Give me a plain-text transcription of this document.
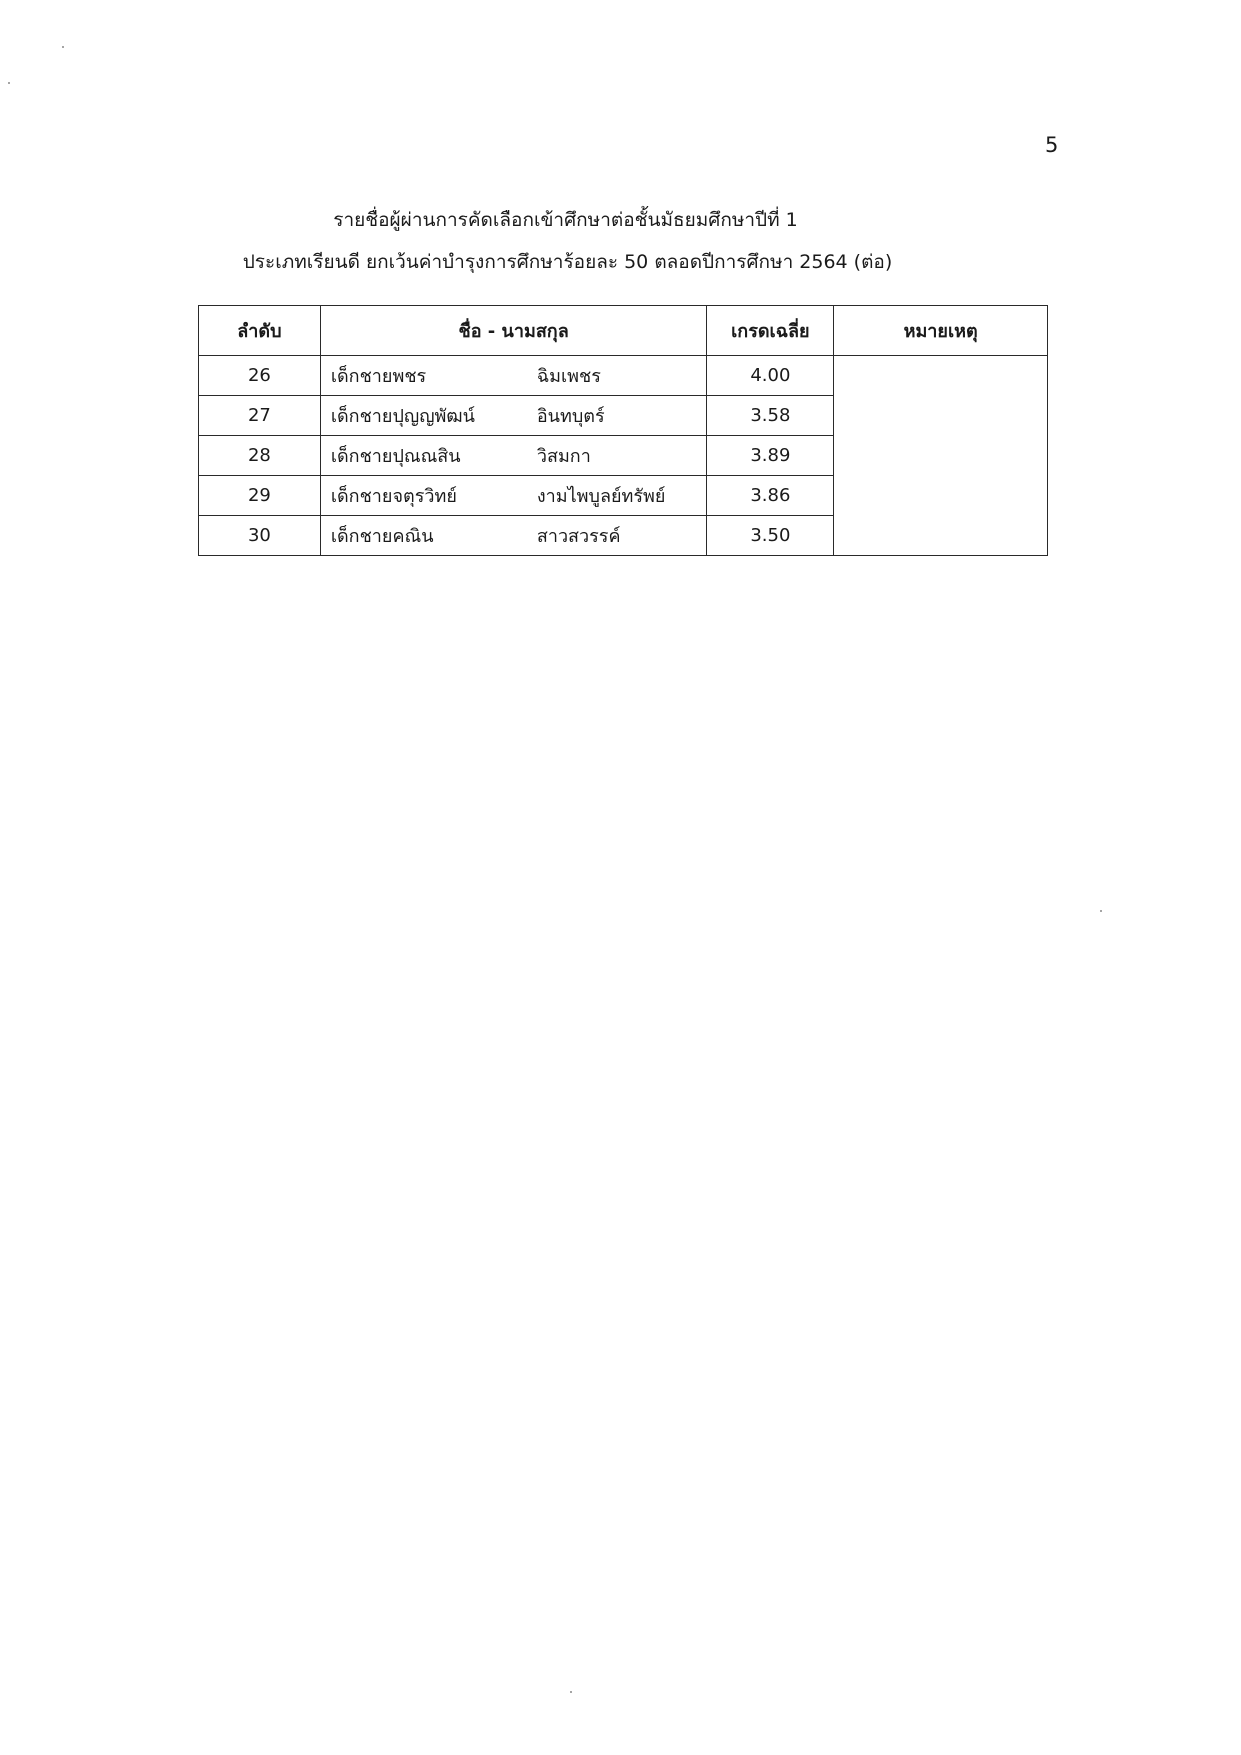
5
รายชื่อผู้ผ่านการคัดเลือกเข้าศึกษาต่อชั้นมัธยมศึกษาปีที่ 1
ประเภทเรียนดี ยกเว้นค่าบำรุงการศึกษาร้อยละ 50 ตลอดปีการศึกษา 2564 (ต่อ)
ลำดับ	ชื่อ - นามสกุล	เกรดเฉลี่ย	หมายเหตุ
26	เด็กชายพชร ฉิมเพชร	4.00	
27	เด็กชายปุญญพัฒน์ อินทบุตร์	3.58	
28	เด็กชายปุณณสิน วิสมกา	3.89	
29	เด็กชายจตุรวิทย์ งามไพบูลย์ทรัพย์	3.86	
30	เด็กชายคณิน สาวสวรรค์	3.50	
